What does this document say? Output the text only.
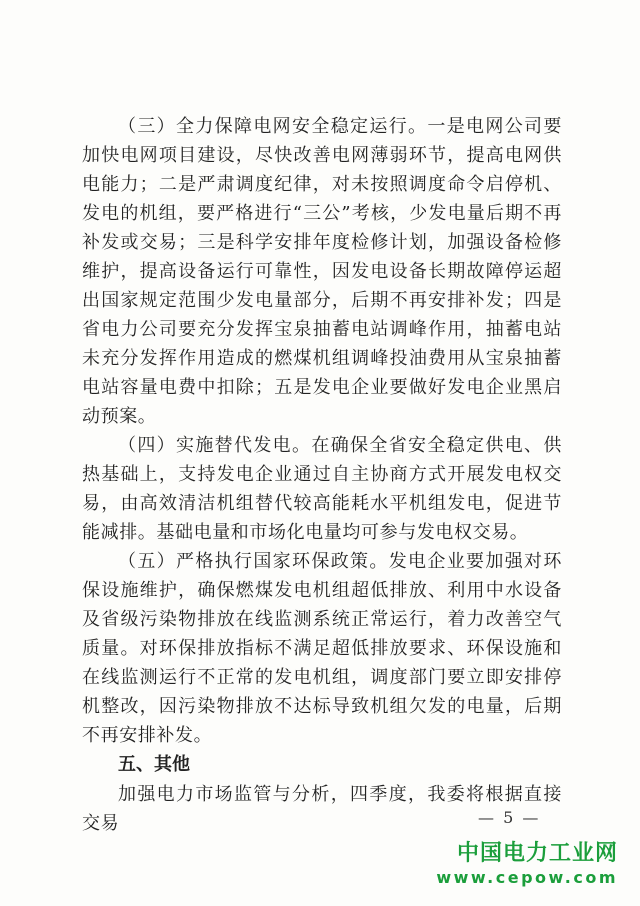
（三）全力保障电网安全稳定运行。一是电网公司要加快电网项目建设，尽快改善电网薄弱环节，提高电网供电能力；二是严肃调度纪律，对未按照调度命令启停机、发电的机组，要严格进行“三公”考核，少发电量后期不再补发或交易；三是科学安排年度检修计划，加强设备检修维护，提高设备运行可靠性，因发电设备长期故障停运超出国家规定范围少发电量部分，后期不再安排补发；四是省电力公司要充分发挥宝泉抽蓄电站调峰作用，抽蓄电站未充分发挥作用造成的燃煤机组调峰投油费用从宝泉抽蓄电站容量电费中扣除；五是发电企业要做好发电企业黑启动预案。

（四）实施替代发电。在确保全省安全稳定供电、供热基础上，支持发电企业通过自主协商方式开展发电权交易，由高效清洁机组替代较高能耗水平机组发电，促进节能减排。基础电量和市场化电量均可参与发电权交易。

（五）严格执行国家环保政策。发电企业要加强对环保设施维护，确保燃煤发电机组超低排放、利用中水设备及省级污染物排放在线监测系统正常运行，着力改善空气质量。对环保排放指标不满足超低排放要求、环保设施和在线监测运行不正常的发电机组，调度部门要立即安排停机整改，因污染物排放不达标导致机组欠发的电量，后期不再安排补发。

五、其他

加强电力市场监管与分析，四季度，我委将根据直接交易	— 5 —
中国电力工业网
www.cepow.com
